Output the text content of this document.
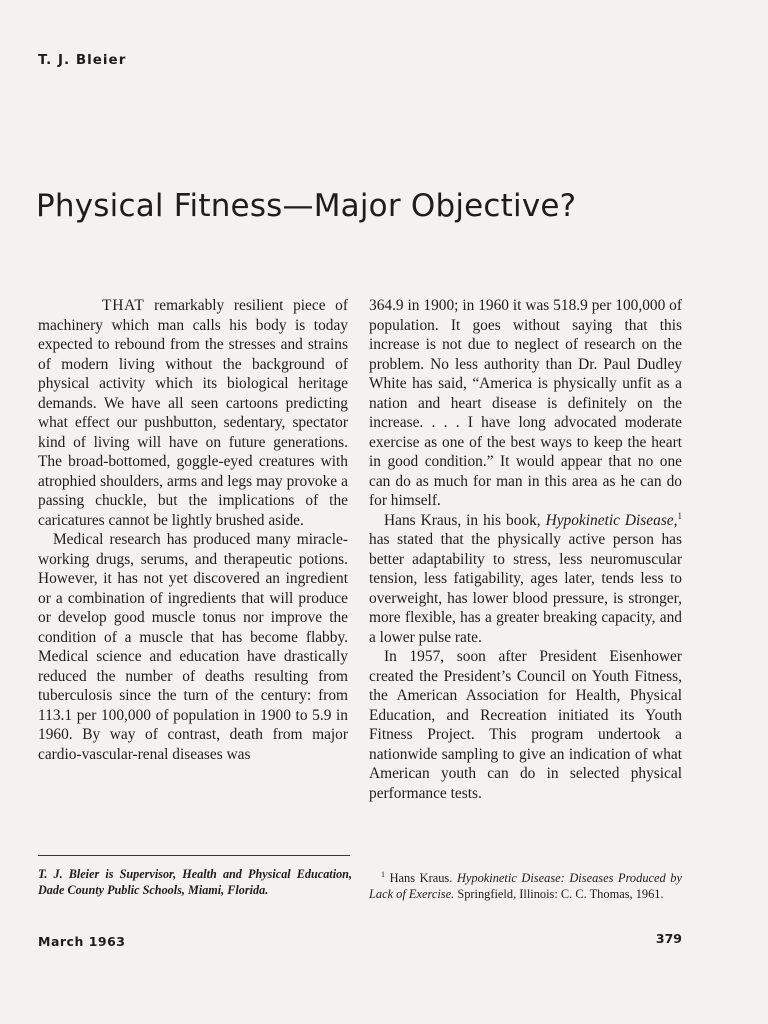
T. J. Bleier
Physical Fitness—Major Objective?

THAT remarkably resilient piece of machinery which man calls his body is today expected to rebound from the stresses and strains of modern living without the background of physical activity which its biological heritage demands. We have all seen cartoons predicting what effect our pushbutton, sedentary, spectator kind of living will have on future generations. The broad-bottomed, goggle-eyed creatures with atrophied shoulders, arms and legs may provoke a passing chuckle, but the implications of the caricatures cannot be lightly brushed aside.

Medical research has produced many miracle-working drugs, serums, and therapeutic potions. However, it has not yet discovered an ingredient or a combination of ingredients that will produce or develop good muscle tonus nor improve the condition of a muscle that has become flabby. Medical science and education have drastically reduced the number of deaths resulting from tuberculosis since the turn of the century: from 113.1 per 100,000 of population in 1900 to 5.9 in 1960. By way of contrast, death from major cardio-vascular-renal diseases was

364.9 in 1900; in 1960 it was 518.9 per 100,000 of population. It goes without saying that this increase is not due to neglect of research on the problem. No less authority than Dr. Paul Dudley White has said, “America is physically unfit as a nation and heart disease is definitely on the increase. . . . I have long advocated moderate exercise as one of the best ways to keep the heart in good condition.” It would appear that no one can do as much for man in this area as he can do for himself.

Hans Kraus, in his book, Hypokinetic Disease,$^1$ has stated that the physically active person has better adaptability to stress, less neuromuscular tension, less fatigability, ages later, tends less to overweight, has lower blood pressure, is stronger, more flexible, has a greater breaking capacity, and a lower pulse rate.

In 1957, soon after President Eisenhower created the President’s Council on Youth Fitness, the American Association for Health, Physical Education, and Recreation initiated its Youth Fitness Project. This program undertook a nationwide sampling to give an indication of what American youth can do in selected physical performance tests.

T. J. Bleier is Supervisor, Health and Physical Education, Dade County Public Schools, Miami, Florida.

$^1$ Hans Kraus. Hypokinetic Disease: Diseases Produced by Lack of Exercise. Springfield, Illinois: C. C. Thomas, 1961.

March 1963	379
